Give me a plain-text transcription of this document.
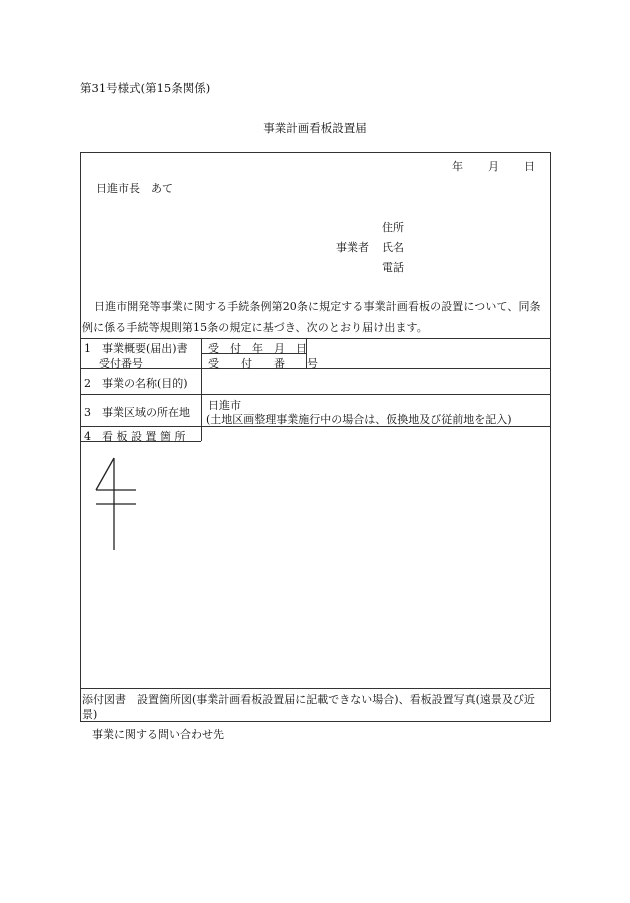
第31号様式(第15条関係)
事業計画看板設置届
年 月 日
日進市長　あて
住所
事業者 氏名
電話
日進市開発等事業に関する手続条例第20条に規定する事業計画看板の設置について、同条例に係る手続等規則第15条の規定に基づき、次のとおり届け出ます。
1　事業概要(届出)書
受付番号
受　付　年　月　日
受　　付　　番　　号
2　事業の名称(目的)
3　事業区域の所在地
日進市
(土地区画整理事業施行中の場合は、仮換地及び従前地を記入)
4　看 板 設 置 箇 所
添付図書　設置箇所図(事業計画看板設置届に記載できない場合)、看板設置写真(遠景及び近景)
事業に関する問い合わせ先
